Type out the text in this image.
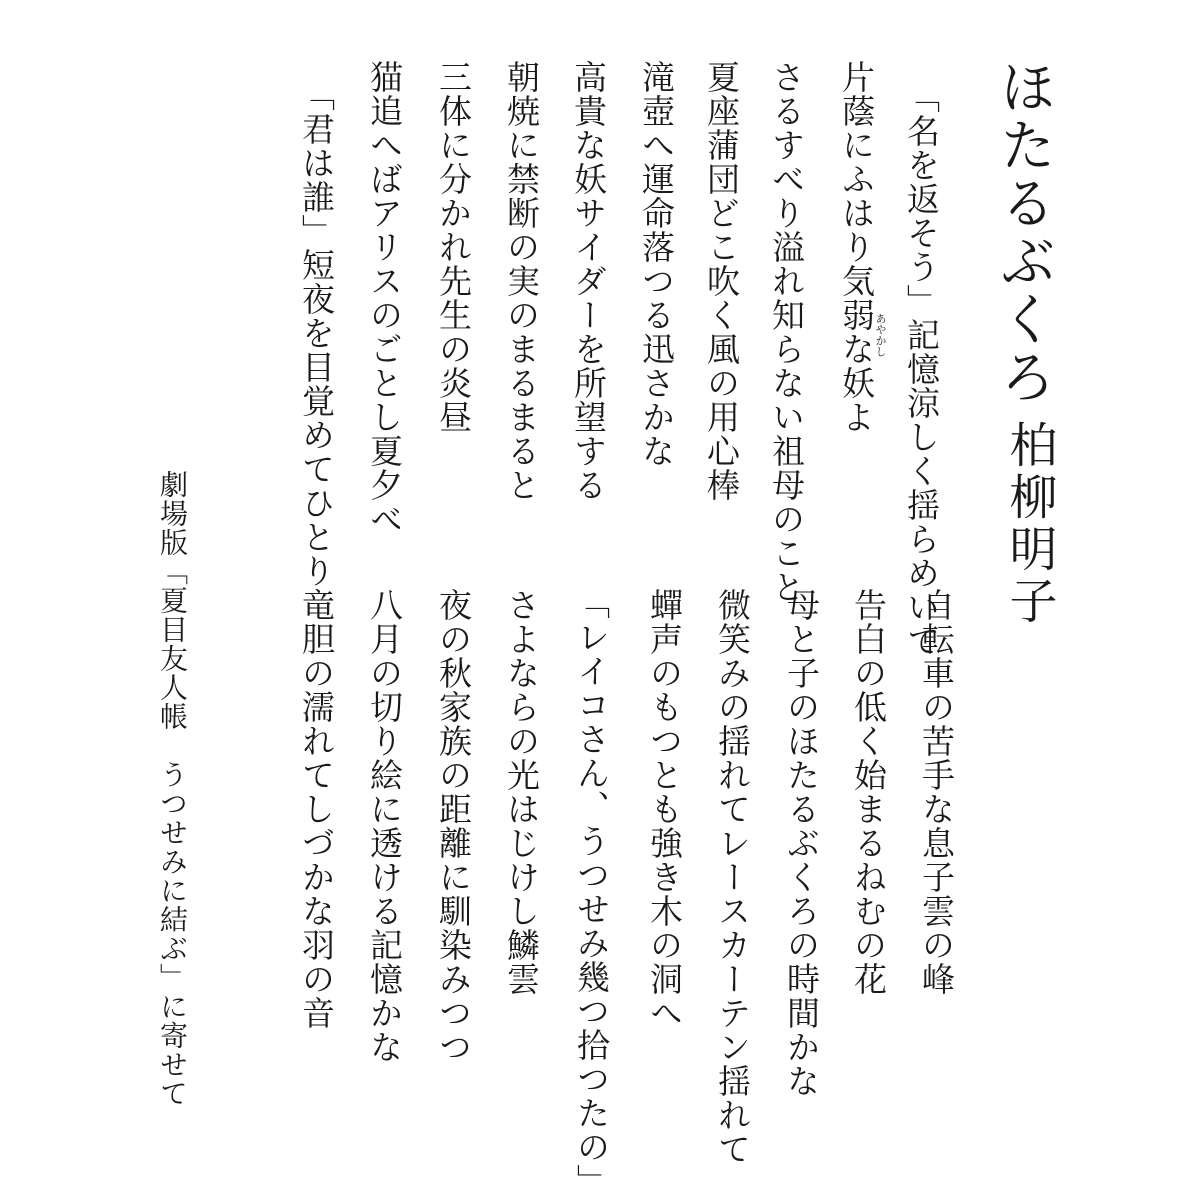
ほたるぶくろ
柏柳明子
「名を返そう」記憶涼しく揺らめいて
片蔭にふはり気弱な妖よ
さるすべり溢れ知らない祖母のこと
夏座蒲団どこ吹く風の用心棒
滝壺へ運命落つる迅さかな
高貴な妖サイダーを所望する
朝焼に禁断の実のまるまると
三体に分かれ先生の炎昼
猫追へばアリスのごとし夏夕べ
「君は誰」短夜を目覚めてひとり	あやかし
自転車の苦手な息子雲の峰
告白の低く始まるねむの花
母と子のほたるぶくろの時間かな
微笑みの揺れてレースカーテン揺れて
蟬声のもつとも強き木の洞へ
「レイコさん、うつせみ幾つ拾つたの」
さよならの光はじけし鱗雲
夜の秋家族の距離に馴染みつつ
八月の切り絵に透ける記憶かな
竜胆の濡れてしづかな羽の音
劇場版「夏目友人帳　うつせみに結ぶ」に寄せて
